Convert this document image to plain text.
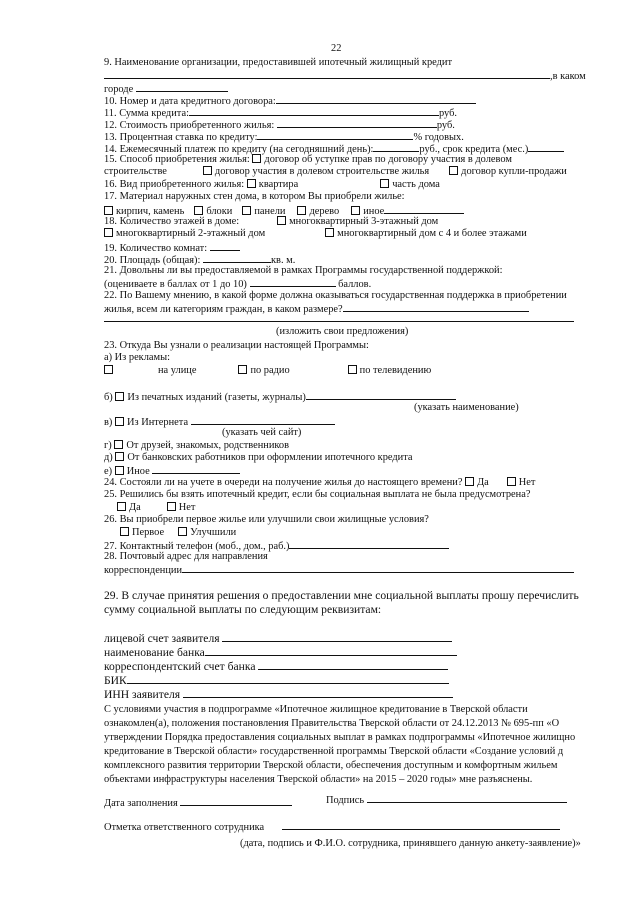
22
9. Наименование организации, предоставившей ипотечный жилищный кредит
,в каком
городе
10. Номер и дата кредитного договора:
11. Сумма кредита:	руб.
12. Стоимость приобретенного жилья:	руб.
13. Процентная ставка по кредиту:	% годовых.
14. Ежемесячный платеж по кредиту (на сегодняшний день):	руб., срок кредита (мес.)
15. Способ приобретения жилья: договор об уступке прав по договору участия в долевом
строительстве	договор участия в долевом строительстве жилья	договор купли-продажи
16. Вид приобретенного жилья: квартира	часть дома
17. Материал наружных стен дома, в котором Вы приобрели жилье:
кирпич, камень блоки панели дерево иное
18. Количество этажей в доме:	многоквартирный 3-этажный дом
многоквартирный 2-этажный дом	многоквартирный дом с 4 и более этажами
19. Количество комнат:
20. Площадь (общая):	кв. м.
21. Довольны ли вы предоставляемой в рамках Программы государственной поддержкой:
(оцениваете в баллах от 1 до 10)	баллов.
22. По Вашему мнению, в какой форме должна оказываться государственная поддержка в приобретении
жилья, всем ли категориям граждан, в каком размере?
(изложить свои предложения)
23. Откуда Вы узнали о реализации настоящей Программы:
а) Из рекламы:
на улице	по радио	по телевидению
б) Из печатных изданий (газеты, журналы)
(указать наименование)
в) Из Интернета
(указать чей сайт)
г) От друзей, знакомых, родственников
д) От банковских работников при оформлении ипотечного кредита
е) Иное
24. Состояли ли на учете в очереди на получение жилья до настоящего времени? Да	Нет
25. Решились бы взять ипотечный кредит, если бы социальная выплата не была предусмотрена?
Да	Нет
26. Вы приобрели первое жилье или улучшили свои жилищные условия?
Первое	Улучшили
27. Контактный телефон (моб., дом., раб.)
28. Почтовый адрес для направления
корреспонденции
29. В случае принятия решения о предоставлении мне социальной выплаты прошу перечислить
сумму социальной выплаты по следующим реквизитам:
лицевой счет заявителя
наименование банка
корреспондентский счет банка
БИК
ИНН заявителя
С условиями участия в подпрограмме «Ипотечное жилищное кредитование в Тверской области
ознакомлен(а), положения постановления Правительства Тверской области от 24.12.2013 № 695-пп «О
утверждении Порядка предоставления социальных выплат в рамках подпрограммы «Ипотечное жилищно
кредитование в Тверской области» государственной программы Тверской области «Создание условий д
комплексного развития территории Тверской области, обеспечения доступным и комфортным жильем
объектами инфраструктуры населения Тверской области» на 2015 – 2020 годы» мне разъяснены.
Дата заполнения	Подпись
Отметка ответственного сотрудника
(дата, подпись и Ф.И.О. сотрудника, принявшего данную анкету-заявление)»
